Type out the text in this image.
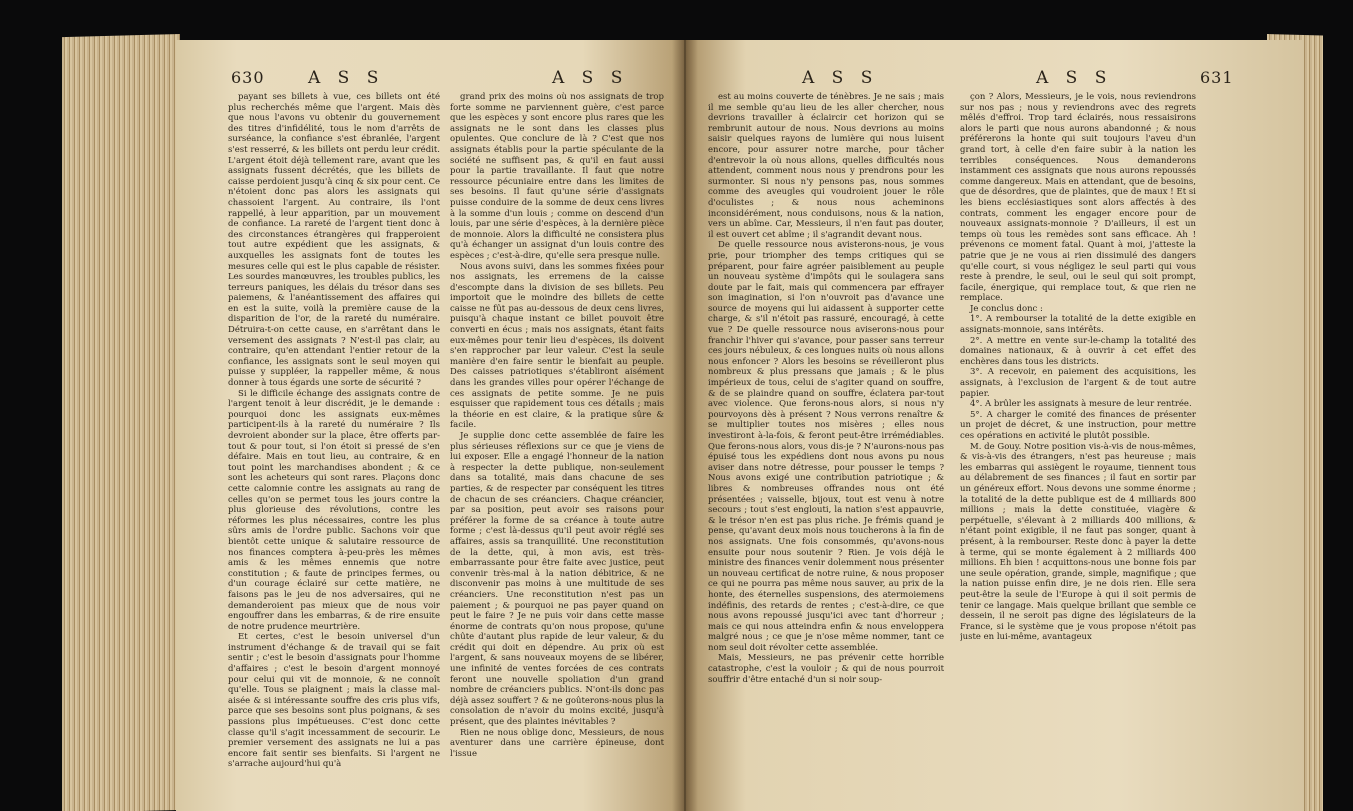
630	A S S	A S S

payant ses billets à vue, ces billets ont été plus recherchés même que l'argent. Mais dès que nous l'avons vu obtenir du gouvernement des titres d'infidélité, tous le nom d'arrêts de surséance, la confiance s'est ébranlée, l'argent s'est resserré, & les billets ont perdu leur crédit. L'argent étoit déjà tellement rare, avant que les assignats fussent décrétés, que les billets de caisse perdoient jusqu'à cinq & six pour cent. Ce n'étoient donc pas alors les assignats qui chassoient l'argent. Au contraire, ils l'ont rappellé, à leur apparition, par un mouvement de confiance. La rareté de l'argent tient donc à des circonstances étrangères qui frapperoient tout autre expédient que les assignats, & auxquelles les assignats font de toutes les mesures celle qui est le plus capable de résister. Les sourdes manœuvres, les troubles publics, les terreurs paniques, les délais du trésor dans ses paiemens, & l'anéantissement des affaires qui en est la suite, voilà la première cause de la disparition de l'or, de la rareté du numéraire. Détruira-t-on cette cause, en s'arrêtant dans le versement des assignats ? N'est-il pas clair, au contraire, qu'en attendant l'entier retour de la confiance, les assignats sont le seul moyen qui puisse y suppléer, la rappeller même, & nous donner à tous égards une sorte de sécurité ?

Si le difficile échange des assignats contre de l'argent tenoit à leur discrédit, je le demande : pourquoi donc les assignats eux-mêmes participent-ils à la rareté du numéraire ? Ils devroient abonder sur la place, être offerts par-tout & pour tout, si l'on étoit si pressé de s'en défaire. Mais en tout lieu, au contraire, & en tout point les marchandises abondent ; & ce sont les acheteurs qui sont rares. Plaçons donc cette calomnie contre les assignats au rang de celles qu'on se permet tous les jours contre la plus glorieuse des révolutions, contre les réformes les plus nécessaires, contre les plus sûrs amis de l'ordre public. Sachons voir que bientôt cette unique & salutaire ressource de nos finances comptera à-peu-près les mêmes amis & les mêmes ennemis que notre constitution ; & faute de principes fermes, ou d'un courage éclairé sur cette matière, ne faisons pas le jeu de nos adversaires, qui ne demanderoient pas mieux que de nous voir engouffrer dans les embarras, & de rire ensuite de notre prudence meurtrière.

Et certes, c'est le besoin universel d'un instrument d'échange & de travail qui se fait sentir ; c'est le besoin d'assignats pour l'homme d'affaires ; c'est le besoin d'argent monnoyé pour celui qui vit de monnoie, & ne connoît qu'elle. Tous se plaignent ; mais la classe mal-aisée & si intéressante souffre des cris plus vifs, parce que ses besoins sont plus poignans, & ses passions plus impétueuses. C'est donc cette classe qu'il s'agit incessamment de secourir. Le premier versement des assignats ne lui a pas encore fait sentir ses bienfaits. Si l'argent ne s'arrache aujourd'hui qu'à

grand prix des moins où nos assignats de trop forte somme ne parviennent guère, c'est parce que les espèces y sont encore plus rares que les assignats ne le sont dans les classes plus opulentes. Que conclure de là ? C'est que nos assignats établis pour la partie spéculante de la société ne suffisent pas, & qu'il en faut aussi pour la partie travaillante. Il faut que notre ressource pécuniaire entre dans les limites de ses besoins. Il faut qu'une série d'assignats puisse conduire de la somme de deux cens livres à la somme d'un louis ; comme on descend d'un louis, par une série d'espèces, à la dernière pièce de monnoie. Alors la difficulté ne consistera plus qu'à échanger un assignat d'un louis contre des espèces ; c'est-à-dire, qu'elle sera presque nulle.

Nous avons suivi, dans les sommes fixées pour nos assignats, les erremens de la caisse d'escompte dans la division de ses billets. Peu importoit que le moindre des billets de cette caisse ne fût pas au-dessous de deux cens livres, puisqu'à chaque instant ce billet pouvoit être converti en écus ; mais nos assignats, étant faits eux-mêmes pour tenir lieu d'espèces, ils doivent s'en rapprocher par leur valeur. C'est la seule manière d'en faire sentir le bienfait au peuple. Des caisses patriotiques s'établiront aisément dans les grandes villes pour opérer l'échange de ces assignats de petite somme. Je ne puis esquisser que rapidement tous ces détails ; mais la théorie en est claire, & la pratique sûre & facile.

Je supplie donc cette assemblée de faire les plus sérieuses réflexions sur ce que je viens de lui exposer. Elle a engagé l'honneur de la nation à respecter la dette publique, non-seulement dans sa totalité, mais dans chacune de ses parties, & de respecter par conséquent les titres de chacun de ses créanciers. Chaque créancier, par sa position, peut avoir ses raisons pour préférer la forme de sa créance à toute autre forme ; c'est là-dessus qu'il peut avoir réglé ses affaires, assis sa tranquillité. Une reconstitution de la dette, qui, à mon avis, est très-embarrassante pour être faite avec justice, peut convenir très-mal à la nation débitrice, & ne disconvenir pas moins à une multitude de ses créanciers. Une reconstitution n'est pas un paiement ; & pourquoi ne pas payer quand on peut le faire ? Je ne puis voir dans cette masse énorme de contrats qu'on nous propose, qu'une chûte d'autant plus rapide de leur valeur, & du crédit qui doit en dépendre. Au prix où est l'argent, & sans nouveaux moyens de se libérer, une infinité de ventes forcées de ces contrats feront une nouvelle spoliation d'un grand nombre de créanciers publics. N'ont-ils donc pas déjà assez souffert ? & ne goûterons-nous plus la consolation de n'avoir du moins excité, jusqu'à présent, que des plaintes inévitables ?

Rien ne nous oblige donc, Messieurs, de nous aventurer dans une carrière épineuse, dont l'issue

A S S	A S S	631

est au moins couverte de ténèbres. Je ne sais ; mais il me semble qu'au lieu de les aller chercher, nous devrions travailler à éclaircir cet horizon qui se rembrunit autour de nous. Nous devrions au moins saisir quelques rayons de lumière qui nous luisent encore, pour assurer notre marche, pour tâcher d'entrevoir la où nous allons, quelles difficultés nous attendent, comment nous nous y prendrons pour les surmonter. Si nous n'y pensons pas, nous sommes comme des aveugles qui voudroient jouer le rôle d'oculistes ; & nous nous acheminons inconsidérément, nous conduisons, nous & la nation, vers un abîme. Car, Messieurs, il n'en faut pas douter, il est ouvert cet abîme ; il s'agrandit devant nous.

De quelle ressource nous avisterons-nous, je vous prie, pour triompher des temps critiques qui se préparent, pour faire agréer paisiblement au peuple un nouveau système d'impôts qui le soulagera sans doute par le fait, mais qui commencera par effrayer son imagination, si l'on n'ouvroit pas d'avance une source de moyens qui lui aidassent à supporter cette charge, & s'il n'étoit pas rassuré, encouragé, à cette vue ? De quelle ressource nous aviserons-nous pour franchir l'hiver qui s'avance, pour passer sans terreur ces jours nébuleux, & ces longues nuits où nous allons nous enfoncer ? Alors les besoins se réveilleront plus nombreux & plus pressans que jamais ; & le plus impérieux de tous, celui de s'agiter quand on souffre, & de se plaindre quand on souffre, éclatera par-tout avec violence. Que ferons-nous alors, si nous n'y pourvoyons dès à présent ? Nous verrons renaître & se multiplier toutes nos misères ; elles nous investiront à-la-fois, & feront peut-être irrémédiables. Que ferons-nous alors, vous dis-je ? N'aurons-nous pas épuisé tous les expédiens dont nous avons pu nous aviser dans notre détresse, pour pousser le temps ? Nous avons exigé une contribution patriotique ; & libres & nombreuses offrandes nous ont été présentées ; vaisselle, bijoux, tout est venu à notre secours ; tout s'est englouti, la nation s'est appauvrie, & le trésor n'en est pas plus riche. Je frémis quand je pense, qu'avant deux mois nous toucherons à la fin de nos assignats. Une fois consommés, qu'avons-nous ensuite pour nous soutenir ? Rien. Je vois déjà le ministre des finances venir dolemment nous présenter un nouveau certificat de notre ruine, & nous proposer ce qui ne pourra pas même nous sauver, au prix de la honte, des éternelles suspensions, des atermoiemens indéfinis, des retards de rentes ; c'est-à-dire, ce que nous avons repoussé jusqu'ici avec tant d'horreur ; mais ce qui nous atteindra enfin & nous enveloppera malgré nous ; ce que je n'ose même nommer, tant ce nom seul doit révolter cette assemblée.

Mais, Messieurs, ne pas prévenir cette horrible catastrophe, c'est la vouloir ; & qui de nous pourroit souffrir d'être entaché d'un si noir soup-

çon ? Alors, Messieurs, je le vois, nous reviendrons sur nos pas ; nous y reviendrons avec des regrets mêlés d'effroi. Trop tard éclairés, nous ressaisirons alors le parti que nous aurons abandonné ; & nous préférerons la honte qui suit toujours l'aveu d'un grand tort, à celle d'en faire subir à la nation les terribles conséquences. Nous demanderons instamment ces assignats que nous aurons repoussés comme dangereux. Mais en attendant, que de besoins, que de désordres, que de plaintes, que de maux ! Et si les biens ecclésiastiques sont alors affectés à des contrats, comment les engager encore pour de nouveaux assignats-monnoie ? D'ailleurs, il est un temps où tous les remèdes sont sans efficace. Ah ! prévenons ce moment fatal. Quant à moi, j'atteste la patrie que je ne vous ai rien dissimulé des dangers qu'elle court, si vous négligez le seul parti qui vous reste à prendre, le seul, oui le seul qui soit prompt, facile, énergique, qui remplace tout, & que rien ne remplace.

Je conclus donc :

1°. A rembourser la totalité de la dette exigible en assignats-monnoie, sans intérêts.

2°. A mettre en vente sur-le-champ la totalité des domaines nationaux, & à ouvrir à cet effet des enchères dans tous les districts.

3°. A recevoir, en paiement des acquisitions, les assignats, à l'exclusion de l'argent & de tout autre papier.

4°. A brûler les assignats à mesure de leur rentrée.

5°. A charger le comité des finances de présenter un projet de décret, & une instruction, pour mettre ces opérations en activité le plutôt possible.

M. de Gouy. Notre position vis-à-vis de nous-mêmes, & vis-à-vis des étrangers, n'est pas heureuse ; mais les embarras qui assiègent le royaume, tiennent tous au délabrement de ses finances ; il faut en sortir par un généreux effort. Nous devons une somme énorme ; la totalité de la dette publique est de 4 milliards 800 millions ; mais la dette constituée, viagère & perpétuelle, s'élevant à 2 milliards 400 millions, & n'étant point exigible, il ne faut pas songer, quant à présent, à la rembourser. Reste donc à payer la dette à terme, qui se monte également à 2 milliards 400 millions. Eh bien ! acquittons-nous une bonne fois par une seule opération, grande, simple, magnifique ; que la nation puisse enfin dire, je ne dois rien. Elle sera peut-être la seule de l'Europe à qui il soit permis de tenir ce langage. Mais quelque brillant que semble ce dessein, il ne seroit pas digne des législateurs de la France, si le système que je vous propose n'étoit pas juste en lui-même, avantageux
